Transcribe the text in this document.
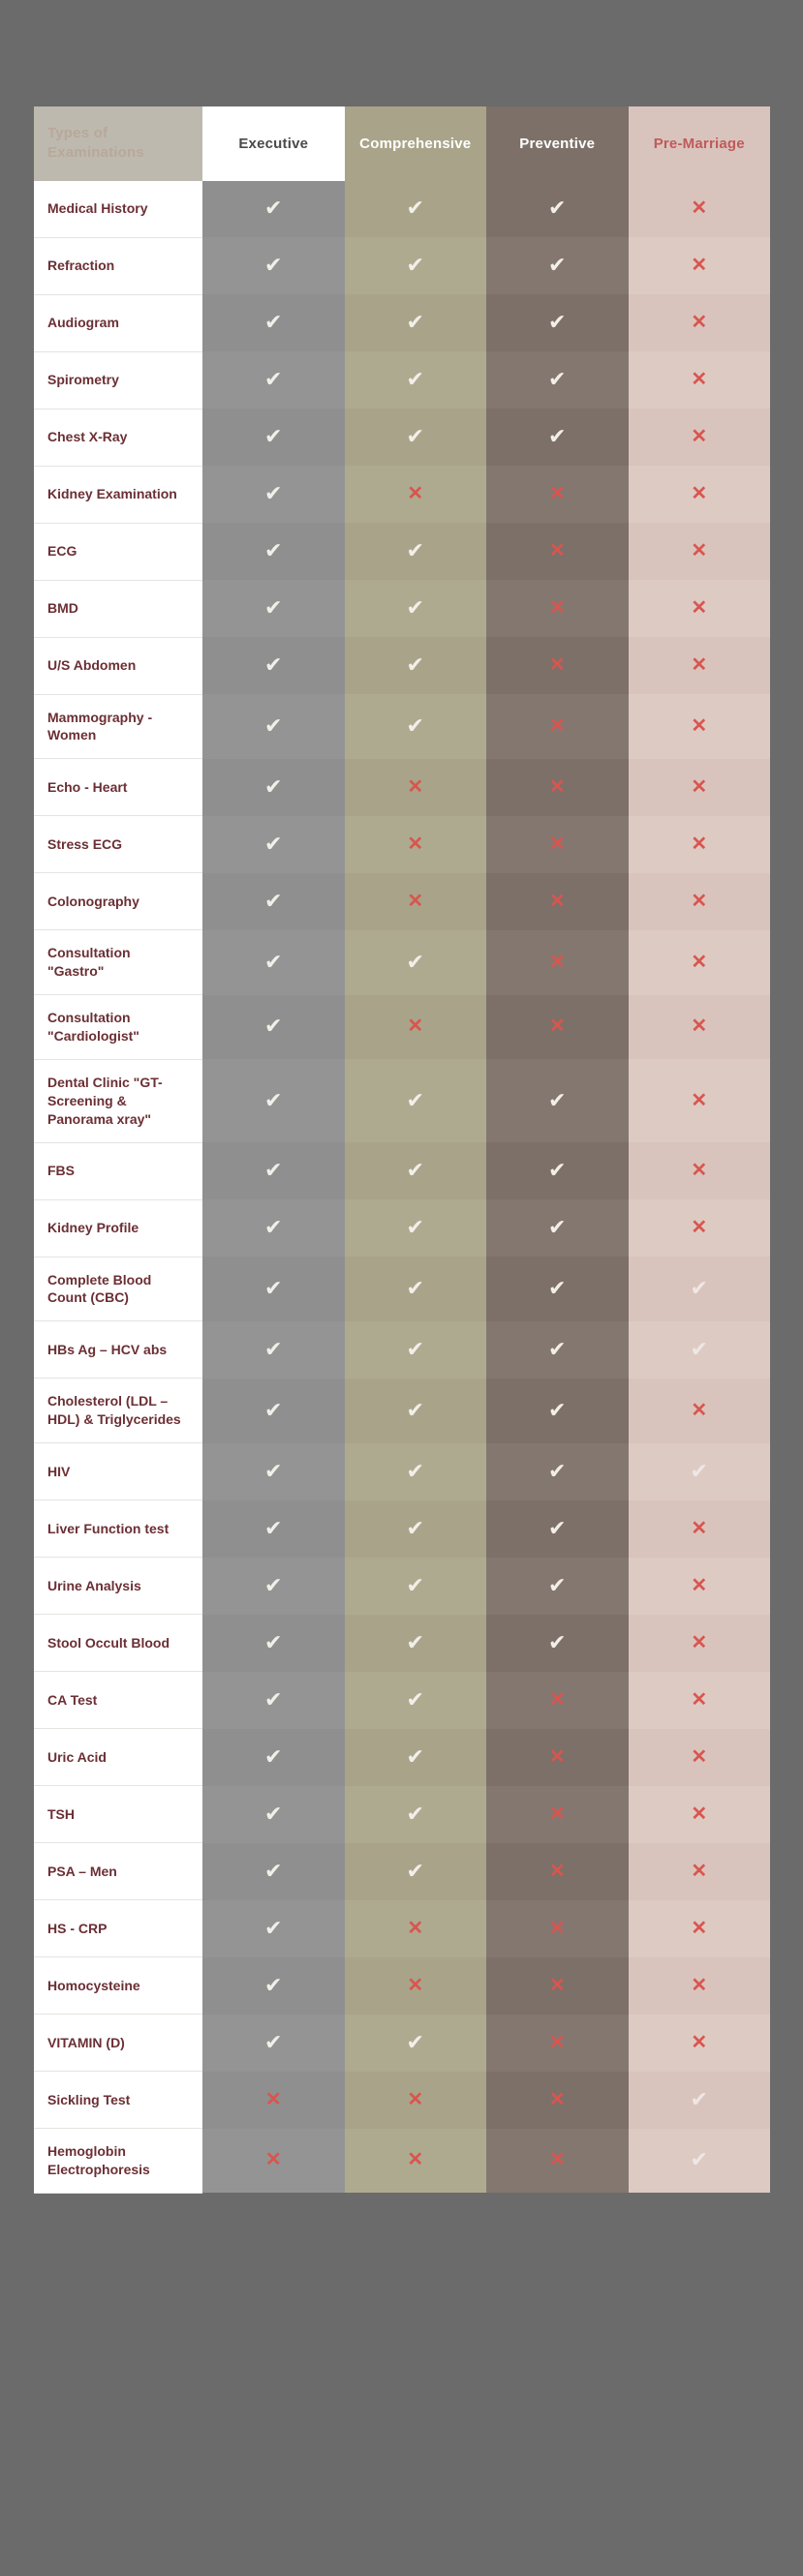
Types of Examinations	Executive	Comprehensive	Preventive	Pre-Marriage
Medical History	✔	✔	✔	✕
Refraction	✔	✔	✔	✕
Audiogram	✔	✔	✔	✕
Spirometry	✔	✔	✔	✕
Chest X-Ray	✔	✔	✔	✕
Kidney Examination	✔	✕	✕	✕
ECG	✔	✔	✕	✕
BMD	✔	✔	✕	✕
U/S Abdomen	✔	✔	✕	✕
Mammography - Women	✔	✔	✕	✕
Echo - Heart	✔	✕	✕	✕
Stress ECG	✔	✕	✕	✕
Colonography	✔	✕	✕	✕
Consultation "Gastro"	✔	✔	✕	✕
Consultation "Cardiologist"	✔	✕	✕	✕
Dental Clinic "GT- Screening & Panorama xray"	✔	✔	✔	✕
FBS	✔	✔	✔	✕
Kidney Profile	✔	✔	✔	✕
Complete Blood Count (CBC)	✔	✔	✔	✔
HBs Ag – HCV abs	✔	✔	✔	✔
Cholesterol (LDL – HDL) & Triglycerides	✔	✔	✔	✕
HIV	✔	✔	✔	✔
Liver Function test	✔	✔	✔	✕
Urine Analysis	✔	✔	✔	✕
Stool Occult Blood	✔	✔	✔	✕
CA Test	✔	✔	✕	✕
Uric Acid	✔	✔	✕	✕
TSH	✔	✔	✕	✕
PSA – Men	✔	✔	✕	✕
HS - CRP	✔	✕	✕	✕
Homocysteine	✔	✕	✕	✕
VITAMIN (D)	✔	✔	✕	✕
Sickling Test	✕	✕	✕	✔
Hemoglobin Electrophoresis	✕	✕	✕	✔
